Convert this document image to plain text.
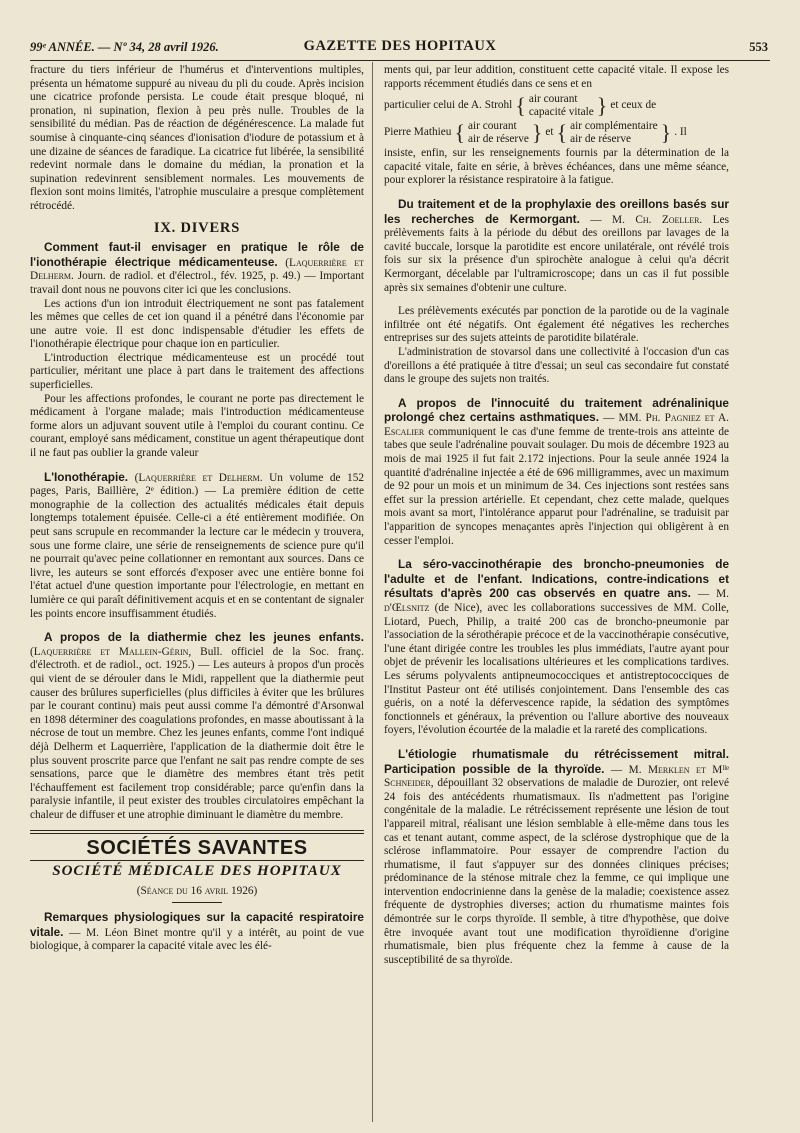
99ᵉ ANNÉE. — Nº 34, 28 avril 1926.	GAZETTE DES HOPITAUX	553

fracture du tiers inférieur de l'humérus et d'interventions multiples, présenta un hématome suppuré au niveau du pli du coude. Après incision une cicatrice profonde persista. Le coude était presque bloqué, ni pronation, ni supination, flexion à peu près nulle. Troubles de la sensibilité du médian. Pas de réaction de dégénérescence. La malade fut soumise à cinquante-cinq séances d'ionisation d'iodure de potassium et à une dizaine de séances de faradique. La cicatrice fut libérée, la sensibilité redevint normale dans le domaine du médian, la pronation et la supination redevinrent sensiblement normales. Les mouvements de flexion sont moins limités, l'atrophie musculaire a presque complètement rétrocédé.

IX. DIVERS

Comment faut-il envisager en pratique le rôle de l'ionothérapie électrique médicamenteuse. (Laquerrière et Delherm. Journ. de radiol. et d'électrol., fév. 1925, p. 49.) — Important travail dont nous ne pouvons citer ici que les conclusions.

Les actions d'un ion introduit électriquement ne sont pas fatalement les mêmes que celles de cet ion quand il a pénétré dans l'économie par une autre voie. Il est donc indispensable d'étudier les effets de l'ionothérapie électrique pour chaque ion en particulier.

L'introduction électrique médicamenteuse est un procédé tout particulier, méritant une place à part dans le traitement des affections superficielles.

Pour les affections profondes, le courant ne porte pas directement le médicament à l'organe malade; mais l'introduction médicamenteuse forme alors un adjuvant souvent utile à l'emploi du courant continu. Ce courant, employé sans médicament, constitue un agent thérapeutique dont il ne faut pas oublier la grande valeur

L'Ionothérapie. (Laquerrière et Delherm. Un volume de 152 pages, Paris, Baillière, 2ᵉ édition.) — La première édition de cette monographie de la collection des actualités médicales était depuis longtemps totalement épuisée. Celle-ci a été entièrement modifiée. On peut sans scrupule en recommander la lecture car le médecin y trouvera, sous une forme claire, une série de renseignements de science pure qu'il ne pourrait qu'avec peine collationner en remontant aux sources. Dans ce livre, les auteurs se sont efforcés d'exposer avec une entière bonne foi l'état actuel d'une question importante pour l'électrologie, en mettant en lumière ce qui paraît définitivement acquis et en se contentant de signaler les points encore insuffisamment étudiés.

A propos de la diathermie chez les jeunes enfants. (Laquerrière et Mallein-Gérin, Bull. officiel de la Soc. franç. d'électroth. et de radiol., oct. 1925.) — Les auteurs à propos d'un procès qui vient de se dérouler dans le Midi, rappellent que la diathermie peut causer des brûlures superficielles (plus difficiles à éviter que les brûlures par le courant continu) mais peut aussi comme l'a démontré d'Arsonwal en 1898 déterminer des coagulations profondes, en masse aboutissant à la nécrose de tout un membre. Chez les jeunes enfants, comme l'ont indiqué déjà Delherm et Laquerrière, l'application de la diathermie doit être le plus souvent proscrite parce que l'enfant ne sait pas rendre compte de ses sensations, parce que le diamètre des membres étant très petit l'échauffement est facilement trop considérable; parce qu'enfin dans la paralysie infantile, il peut exister des troubles circulatoires empêchant la chaleur de diffuser et une atrophie diminuant le diamètre du membre.

SOCIÉTÉS SAVANTES
SOCIÉTÉ MÉDICALE DES HOPITAUX
(Séance du 16 avril 1926)

Remarques physiologiques sur la capacité respiratoire vitale. — M. Léon Binet montre qu'il y a intérêt, au point de vue biologique, à comparer la capacité vitale avec les élé-

ments qui, par leur addition, constituent cette capacité vitale. Il expose les rapports récemment étudiés dans ce sens et en

particulier celui de A. Strohl { air courant
capacité vitale } et ceux de
Pierre Mathieu { air courant
air de réserve } et { air complémentaire
air de réserve	} . Il

insiste, enfin, sur les renseignements fournis par la détermination de la capacité vitale, faite en série, à brèves échéances, dans une même séance, pour explorer la résistance respiratoire à la fatigue.

Du traitement et de la prophylaxie des oreillons basés sur les recherches de Kermorgant. — M. Ch. Zoeller. Les prélèvements faits à la période du début des oreillons par lavages de la cavité buccale, lorsque la parotidite est encore unilatérale, ont révélé trois fois sur six la présence d'un spirochète analogue à celui qu'a décrit Kermorgant, décelable par l'ultramicroscope; dans un cas il fut possible après six semaines d'obtenir une culture.

Les prélèvements exécutés par ponction de la parotide ou de la vaginale infiltrée ont été négatifs. Ont également été négatives les recherches entreprises sur des sujets atteints de parotidite bilatérale.

L'administration de stovarsol dans une collectivité à l'occasion d'un cas d'oreillons a été pratiquée à titre d'essai; un seul cas secondaire fut constaté dans le groupe des sujets non traités.

A propos de l'innocuité du traitement adrénalinique prolongé chez certains asthmatiques. — MM. Ph. Pagniez et A. Escalier communiquent le cas d'une femme de trente-trois ans atteinte de tabes que seule l'adrénaline pouvait soulager. Du mois de décembre 1923 au mois de mai 1925 il fut fait 2.172 injections. Pour la seule année 1924 la quantité d'adrénaline injectée a été de 696 milligrammes, avec un maximum de 92 pour un mois et un minimum de 34. Ces injections sont restées sans effet sur la pression artérielle. Et cependant, chez cette malade, quelques mois avant sa mort, l'intolérance apparut pour l'adrénaline, se traduisit par l'apparition de syncopes menaçantes après l'injection qui obligèrent à en cesser l'emploi.

La séro-vaccinothérapie des broncho-pneumonies de l'adulte et de l'enfant. Indications, contre-indications et résultats d'après 200 cas observés en quatre ans. — M. d'Œlsnitz (de Nice), avec les collaborations successives de MM. Colle, Liotard, Puech, Philip, a traité 200 cas de broncho-pneumonie par l'association de la sérothérapie précoce et de la vaccinothérapie consécutive, l'une étant dirigée contre les troubles les plus immédiats, l'autre ayant pour objet de prévenir les localisations ultérieures et les complications tardives. Les sérums polyvalents antipneumococciques et antistreptococciques de l'Institut Pasteur ont été utilisés conjointement. Dans l'ensemble des cas guéris, on a noté la défervescence rapide, la sédation des symptômes fonctionnels et généraux, la prévention ou l'allure abortive des nouveaux foyers, l'évolution écourtée de la maladie et la rareté des complications.

L'étiologie rhumatismale du rétrécissement mitral. Participation possible de la thyroïde. — M. Merklen et Mˡˡᵉ Schneider, dépouillant 32 observations de maladie de Durozier, ont relevé 24 fois des antécédents rhumatismaux. Ils n'admettent pas l'origine congénitale de la maladie. Le rétrécissement représente une lésion de tout l'appareil mitral, réalisant une lésion semblable à elle-même dans tous les cas et tenant autant, comme aspect, de la sclérose dystrophique que de la sclérose inflammatoire. Pour essayer de comprendre l'action du rhumatisme, il faut s'appuyer sur des données cliniques précises; prédominance de la sténose mitrale chez la femme, ce qui implique une intervention endocrinienne dans la genèse de la maladie; coexistence assez fréquente de dystrophies diverses; action du rhumatisme maintes fois démontrée sur le corps thyroïde. Il semble, à titre d'hypothèse, que doive être invoquée avant tout une modification thyroïdienne d'origine rhumatismale, bien plus fréquente chez la femme à cause de la susceptibilité de sa thyroïde.
